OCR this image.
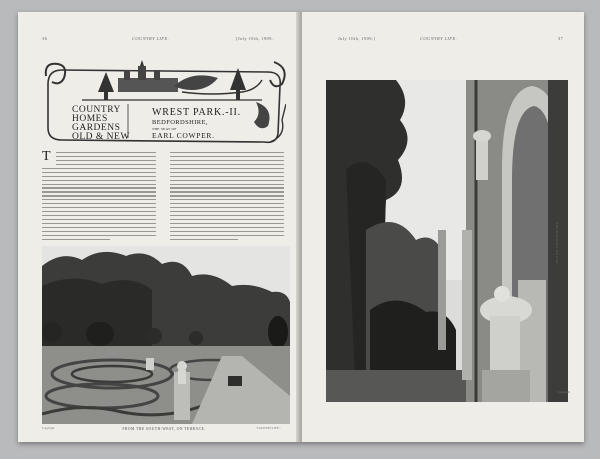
36	COUNTRY LIFE.	[July 10th, 1909.
COUNTRY
HOMES
GARDENS
OLD & NEW
WREST PARK.-II.
BEDFORDSHIRE,
THE SEAT OF
EARL COWPER.
T
Copyright	FROM THE SOUTH-WEST, ON TERRACE.	"COUNTRY LIFE."
July 10th, 1909.]	COUNTRY LIFE.	37
Copyright
THE BATHING HOUSE.
